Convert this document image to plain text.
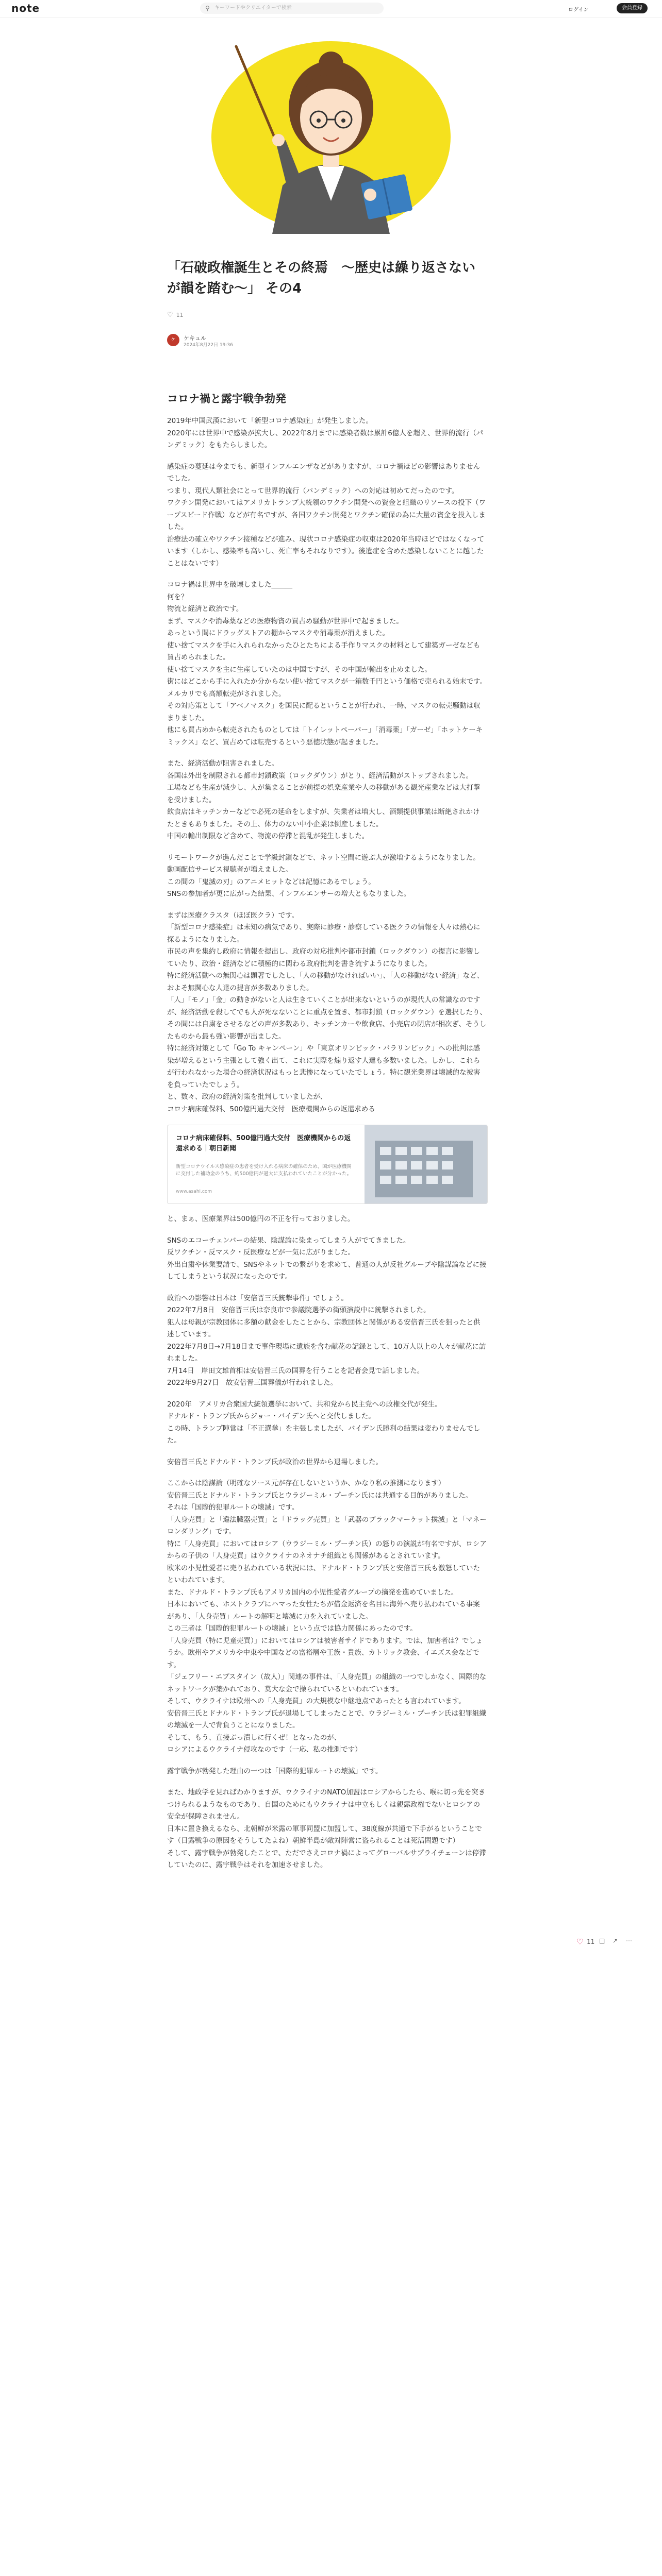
note	⚲ キーワードやクリエイターで検索	ログイン	会員登録
「石破政権誕生とその終焉　〜歴史は繰り返さないが韻を踏む〜」 その4
♡ 11
ケ	ケキュル
2024年8月22日 19:36
コロナ禍と露宇戦争勃発

2019年中国武漢において「新型コロナ感染症」が発生しました。
2020年には世界中で感染が拡大し、2022年8月までに感染者数は累計6億人を超え、世界的流行（パンデミック）をもたらしました。

感染症の蔓延は今までも、新型インフルエンザなどがありますが、コロナ禍ほどの影響はありませんでした。
つまり、現代人類社会にとって世界的流行（パンデミック）への対応は初めてだったのです。
ワクチン開発においてはアメリカトランプ大統領のワクチン開発への資金と組織のリソースの投下（ワープスピード作戦）などが有名ですが、各国ワクチン開発とワクチン確保の為に大量の資金を投入しました。
治療法の確立やワクチン接種などが進み、現状コロナ感染症の収束は2020年当時ほどではなくなっています（しかし、感染率も高いし、死亡率もそれなりです）。後遺症を含めた感染しないことに越したことはないです）

コロナ禍は世界中を破壊しました______
何を？
物流と経済と政治です。
まず、マスクや消毒薬などの医療物資の買占め騒動が世界中で起きました。
あっという間にドラッグストアの棚からマスクや消毒薬が消えました。
使い捨てマスクを手に入れられなかったひとたちによる手作りマスクの材料として建築ガーゼなども買占められました。
使い捨てマスクを主に生産していたのは中国ですが、その中国が輸出を止めました。
街にはどこから手に入れたか分からない使い捨てマスクが一箱数千円という価格で売られる始末です。
メルカリでも高額転売がされました。
その対応策として「アベノマスク」を国民に配るということが行われ、一時、マスクの転売騒動は収まりました。
他にも買占めから転売されたものとしては「トイレットペーパー」「消毒薬」「ガーゼ」「ホットケーキミックス」など、買占めては転売するという悪徳状態が起きました。

また、経済活動が阻害されました。
各国は外出を制限される都市封鎖政策（ロックダウン）がとり、経済活動がストップされました。
工場なども生産が減少し、人が集まることが前提の娯楽産業や人の移動がある観光産業などは大打撃を受けました。
飲食店はキッチンカーなどで必死の延命をしますが、失業者は増大し、酒類提供事業は断絶されかけたときもありました。その上、体力のない中小企業は倒産しました。
中国の輸出制限など含めて、物流の停滞と混乱が発生しました。

リモートワークが進んだことで学級封鎖などで、ネット空間に遊ぶ人が激増するようになりました。
動画配信サービス視聴者が増えました。
この間の「鬼滅の刃」のアニメヒットなどは記憶にあるでしょう。
SNSの参加者が更に広がった結果、インフルエンサーの増大ともなりました。

まずは医療クラスタ（ほぼ医クラ）です。
「新型コロナ感染症」は未知の病気であり、実際に診療・診察している医クラの情報を人々は熱心に探るようになりました。
市民の声を集約し政府に情報を提出し、政府の対応批判や都市封鎖（ロックダウン）の提言に影響していたり、政治・経済などに積極的に関わる政府批判を書き流すようになりました。
特に経済活動への無関心は顕著でしたし、「人の移動がなければいい」、「人の移動がない経済」など、およそ無関心な人達の提言が多数ありました。
「人」「モノ」「金」の動きがないと人は生きていくことが出来ないというのが現代人の常識なのですが、経済活動を殺してでも人が死なないことに重点を置き、都市封鎖（ロックダウン）を選択したり、その間には自粛をさせるなどの声が多数あり、キッチンカーや飲食店、小売店の閉店が相次ぎ、そうしたものから最も強い影響が出ました。
特に経済対策として「Go To キャンペーン」や「東京オリンピック・パラリンピック」への批判は感染が増えるという主張として強く出て、これに実際を煽り返す人達も多数いました。しかし、これらが行われなかった場合の経済状況はもっと悲惨になっていたでしょう。特に観光業界は壊滅的な被害を負っていたでしょう。
と、数々、政府の経済対策を批判していましたが、
コロナ病床確保料、500億円過大交付　医療機関からの返還求める

コロナ病床確保料、500億円過大交付　医療機関からの返還求める｜朝日新聞
新型コロナウイルス感染症の患者を受け入れる病床の確保のため、国が医療機関に交付した補助金のうち、約500億円が過大に支払われていたことが分かった。
www.asahi.com

と、まぁ、医療業界は500億円の不正を行っておりました。

SNSのエコーチェンバーの結果、陰謀論に染まってしまう人がでてきました。
反ワクチン・反マスク・反医療などが一気に広がりました。
外出自粛や休業要請で、SNSやネットでの繋がりを求めて、普通の人が反社グループや陰謀論などに接してしまうという状況になったのです。

政治への影響は日本は「安倍晋三氏銃撃事件」でしょう。
2022年7月8日　安倍晋三氏は奈良市で参議院選挙の街頭演説中に銃撃されました。
犯人は母親が宗教団体に多額の献金をしたことから、宗教団体と関係がある安倍晋三氏を狙ったと供述しています。
2022年7月8日→7月18日まで事件現場に遺族を含む献花の記録として、10万人以上の人々が献花に訪れました。
7月14日　岸田文雄首相は安倍晋三氏の国葬を行うことを記者会見で話しました。
2022年9月27日　故安倍晋三国葬儀が行われました。

2020年　アメリカ合衆国大統領選挙において、共和党から民主党への政権交代が発生。
ドナルド・トランプ氏からジョー・バイデン氏へと交代しました。
この時、トランプ陣営は「不正選挙」を主張しましたが、バイデン氏勝利の結果は変わりませんでした。

安倍晋三氏とドナルド・トランプ氏が政治の世界から退場しました。

ここからは陰謀論（明確なソース元が存在しないというか、かなり私の推測になります）
安倍晋三氏とドナルド・トランプ氏とウラジーミル・プーチン氏には共通する目的がありました。
それは「国際的犯罪ルートの壊滅」です。
「人身売買」と「違法臓器売買」と「ドラッグ売買」と「武器のブラックマーケット撲滅」と「マネーロンダリング」です。
特に「人身売買」においてはロシア（ウラジーミル・プーチン氏）の怒りの演説が有名ですが、ロシアからの子供の「人身売買」はウクライナのネオナチ組織とも関係があるとされています。
欧米の小児性愛者に売り払われている状況には、ドナルド・トランプ氏と安倍晋三氏も激怒していたといわれています。
また、ドナルド・トランプ氏もアメリカ国内の小児性愛者グループの摘発を進めていました。
日本においても、ホストクラブにハマった女性たちが借金返済を名目に海外へ売り払われている事案があり、「人身売買」ルートの解明と壊滅に力を入れていました。
この三者は「国際的犯罪ルートの壊滅」という点では協力関係にあったのです。
「人身売買（特に児童売買）」においてはロシアは被害者サイドであります。では、加害者は？でしょうか。欧州やアメリカや中東や中国などの富裕層や王族・貴族、カトリック教会、イエズス会などです。
「ジェフリー・エプスタイン（故人）」関連の事件は、「人身売買」の組織の一つでしかなく、国際的なネットワークが築かれており、莫大な金で操られているといわれています。
そして、ウクライナは欧州への「人身売買」の大規模な中継地点であったとも言われています。
安倍晋三氏とドナルド・トランプ氏が退場してしまったことで、ウラジーミル・プーチン氏は犯罪組織の壊滅を一人で背負うことになりました。
そして、もう、直接ぶっ潰しに行くぜ！となったのが、
ロシアによるウクライナ侵攻なのです（一応、私の推測です）

露宇戦争が勃発した理由の一つは「国際的犯罪ルートの壊滅」です。

また、地政学を見ればわかりますが、ウクライナのNATO加盟はロシアからしたら、喉に切っ先を突きつけられるようなものであり、自国のためにもウクライナは中立もしくは親露政権でないとロシアの安全が保障されません。
日本に置き換えるなら、北朝鮮が米露の軍事同盟に加盟して、38度線が共通で下手がるということです（日露戦争の原因をそうしてたよね）朝鮮半島が敵対陣営に盗られることは死活問題です）
そして、露宇戦争が勃発したことで、ただでさえコロナ禍によってグローバルサプライチェーンは停滞していたのに、露宇戦争はそれを加速させました。

♡ 11 □ ↗ ⋯
